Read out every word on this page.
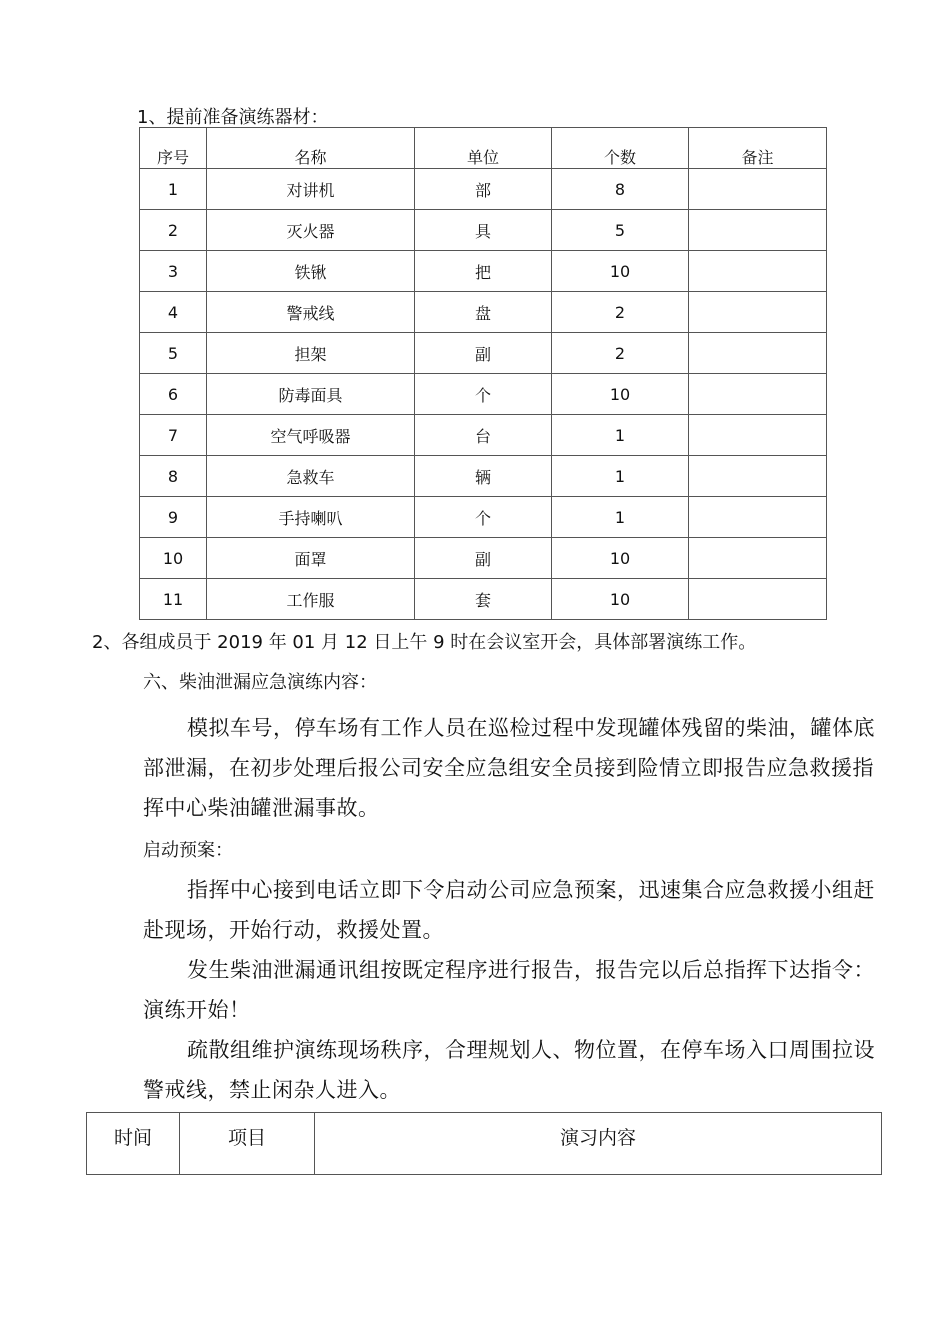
1、提前准备演练器材：
序号	名称	单位	个数	备注
1	对讲机	部	8	
2	灭火器	具	5	
3	铁锹	把	10	
4	警戒线	盘	2	
5	担架	副	2	
6	防毒面具	个	10	
7	空气呼吸器	台	1	
8	急救车	辆	1	
9	手持喇叭	个	1	
10	面罩	副	10	
11	工作服	套	10	
2、各组成员于 2019 年 01 月 12 日上午 9 时在会议室开会，具体部署演练工作。
六、柴油泄漏应急演练内容：
模拟车号，停车场有工作人员在巡检过程中发现罐体残留的柴油，罐体底部泄漏，在初步处理后报公司安全应急组安全员接到险情立即报告应急救援指挥中心柴油罐泄漏事故。
启动预案：
指挥中心接到电话立即下令启动公司应急预案，迅速集合应急救援小组赶赴现场，开始行动，救援处置。
发生柴油泄漏通讯组按既定程序进行报告，报告完以后总指挥下达指令：演练开始！
疏散组维护演练现场秩序，合理规划人、物位置，在停车场入口周围拉设警戒线，禁止闲杂人进入。
时间	项目	演习内容
